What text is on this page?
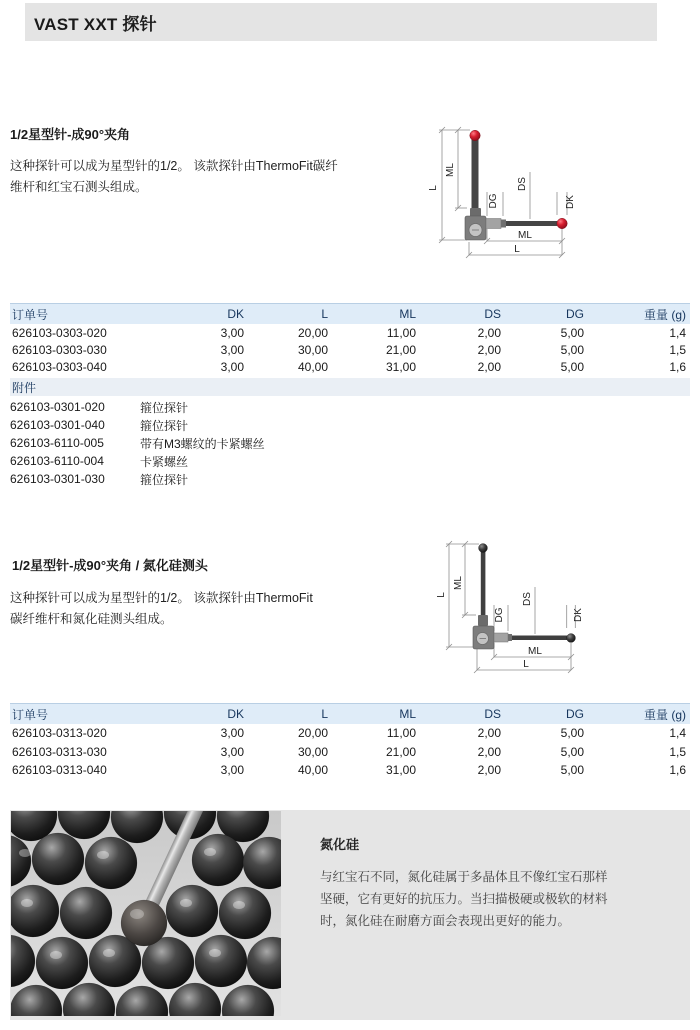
VAST XXT 探针
1/2星型针-成90°夹角
这种探针可以成为星型针的1/2。 该款探针由ThermoFit碳纤
维杆和红宝石测头组成。	L
ML
DG
DS
DK
ML
L
订单号	DK	L	ML	DS	DG	重量 (g)
626103-0303-020	3,00	20,00	11,00	2,00	5,00	1,4
626103-0303-030	3,00	30,00	21,00	2,00	5,00	1,5
626103-0303-040	3,00	40,00	31,00	2,00	5,00	1,6
附件
626103-0301-020	箍位探针
626103-0301-040	箍位探针
626103-6110-005	带有M3螺纹的卡紧螺丝
626103-6110-004	卡紧螺丝
626103-0301-030	箍位探针
1/2星型针-成90°夹角 / 氮化硅测头
这种探针可以成为星型针的1/2。 该款探针由ThermoFit
碳纤维杆和氮化硅测头组成。
L
ML
DG
DS
DK
ML
L
订单号	DK	L	ML	DS	DG	重量 (g)
626103-0313-020	3,00	20,00	11,00	2,00	5,00	1,4
626103-0313-030	3,00	30,00	21,00	2,00	5,00	1,5
626103-0313-040	3,00	40,00	31,00	2,00	5,00	1,6
氮化硅
与红宝石不同，氮化硅属于多晶体且不像红宝石那样
坚硬，它有更好的抗压力。当扫描极硬或极软的材料
时，氮化硅在耐磨方面会表现出更好的能力。
